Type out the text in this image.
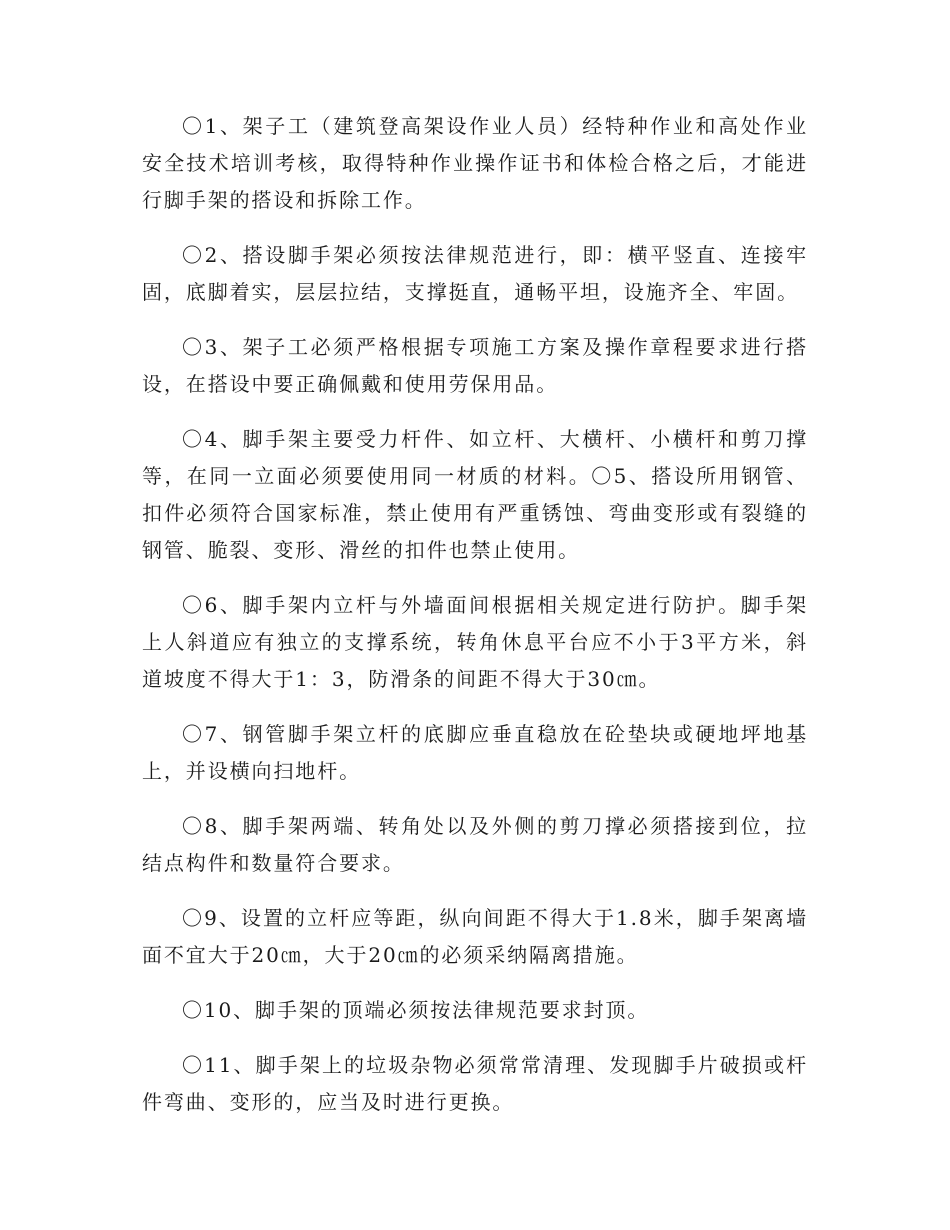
〇1、架子工（建筑登高架设作业人员）经特种作业和高处作业安全技术培训考核，取得特种作业操作证书和体检合格之后，才能进行脚手架的搭设和拆除工作。

〇2、搭设脚手架必须按法律规范进行，即：横平竖直、连接牢固，底脚着实，层层拉结，支撑挺直，通畅平坦，设施齐全、牢固。

〇3、架子工必须严格根据专项施工方案及操作章程要求进行搭设，在搭设中要正确佩戴和使用劳保用品。

〇4、脚手架主要受力杆件、如立杆、大横杆、小横杆和剪刀撑等，在同一立面必须要使用同一材质的材料。〇5、搭设所用钢管、扣件必须符合国家标准，禁止使用有严重锈蚀、弯曲变形或有裂缝的钢管、脆裂、变形、滑丝的扣件也禁止使用。

〇6、脚手架内立杆与外墙面间根据相关规定进行防护。脚手架上人斜道应有独立的支撑系统，转角休息平台应不小于3平方米，斜道坡度不得大于1：3，防滑条的间距不得大于30㎝。

〇7、钢管脚手架立杆的底脚应垂直稳放在砼垫块或硬地坪地基上，并设横向扫地杆。

〇8、脚手架两端、转角处以及外侧的剪刀撑必须搭接到位，拉结点构件和数量符合要求。

〇9、设置的立杆应等距，纵向间距不得大于1.8米，脚手架离墙面不宜大于20㎝，大于20㎝的必须采纳隔离措施。

〇10、脚手架的顶端必须按法律规范要求封顶。

〇11、脚手架上的垃圾杂物必须常常清理、发现脚手片破损或杆件弯曲、变形的，应当及时进行更换。
